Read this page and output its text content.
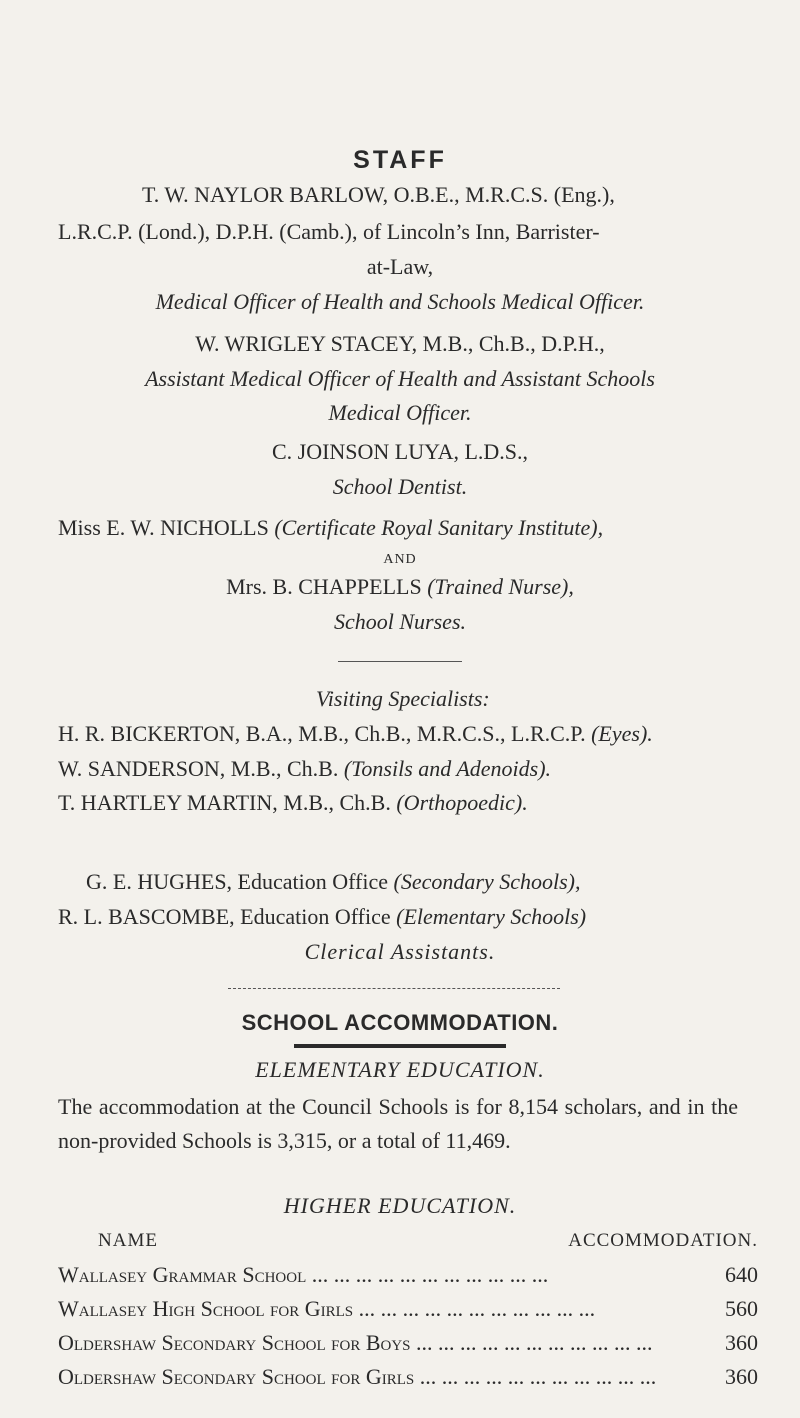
STAFF
T. W. NAYLOR BARLOW, O.B.E., M.R.C.S. (Eng.),
L.R.C.P. (Lond.), D.P.H. (Camb.), of Lincoln’s Inn, Barrister-
at-Law,
Medical Officer of Health and Schools Medical Officer.
W. WRIGLEY STACEY, M.B., Ch.B., D.P.H.,
Assistant Medical Officer of Health and Assistant Schools
Medical Officer.
C. JOINSON LUYA, L.D.S.,
School Dentist.
Miss E. W. NICHOLLS (Certificate Royal Sanitary Institute),
AND
Mrs. B. CHAPPELLS (Trained Nurse),
School Nurses.
Visiting Specialists:
H. R. BICKERTON, B.A., M.B., Ch.B., M.R.C.S., L.R.C.P. (Eyes).
W. SANDERSON, M.B., Ch.B. (Tonsils and Adenoids).
T. HARTLEY MARTIN, M.B., Ch.B. (Orthopoedic).
G. E. HUGHES, Education Office (Secondary Schools),
R. L. BASCOMBE, Education Office (Elementary Schools)
Clerical Assistants.
SCHOOL ACCOMMODATION.
ELEMENTARY EDUCATION.
The accommodation at the Council Schools is for 8,154 scholars, and in the non-provided Schools is 3,315, or a total of 11,469.
HIGHER EDUCATION.
NAME	ACCOMMODATION.
Wallasey Grammar School ... .	640
Wallasey High School for Girls ... .	560
Oldershaw Secondary School for Boys ... .	360
Oldershaw Secondary School for Girls ... .	360
